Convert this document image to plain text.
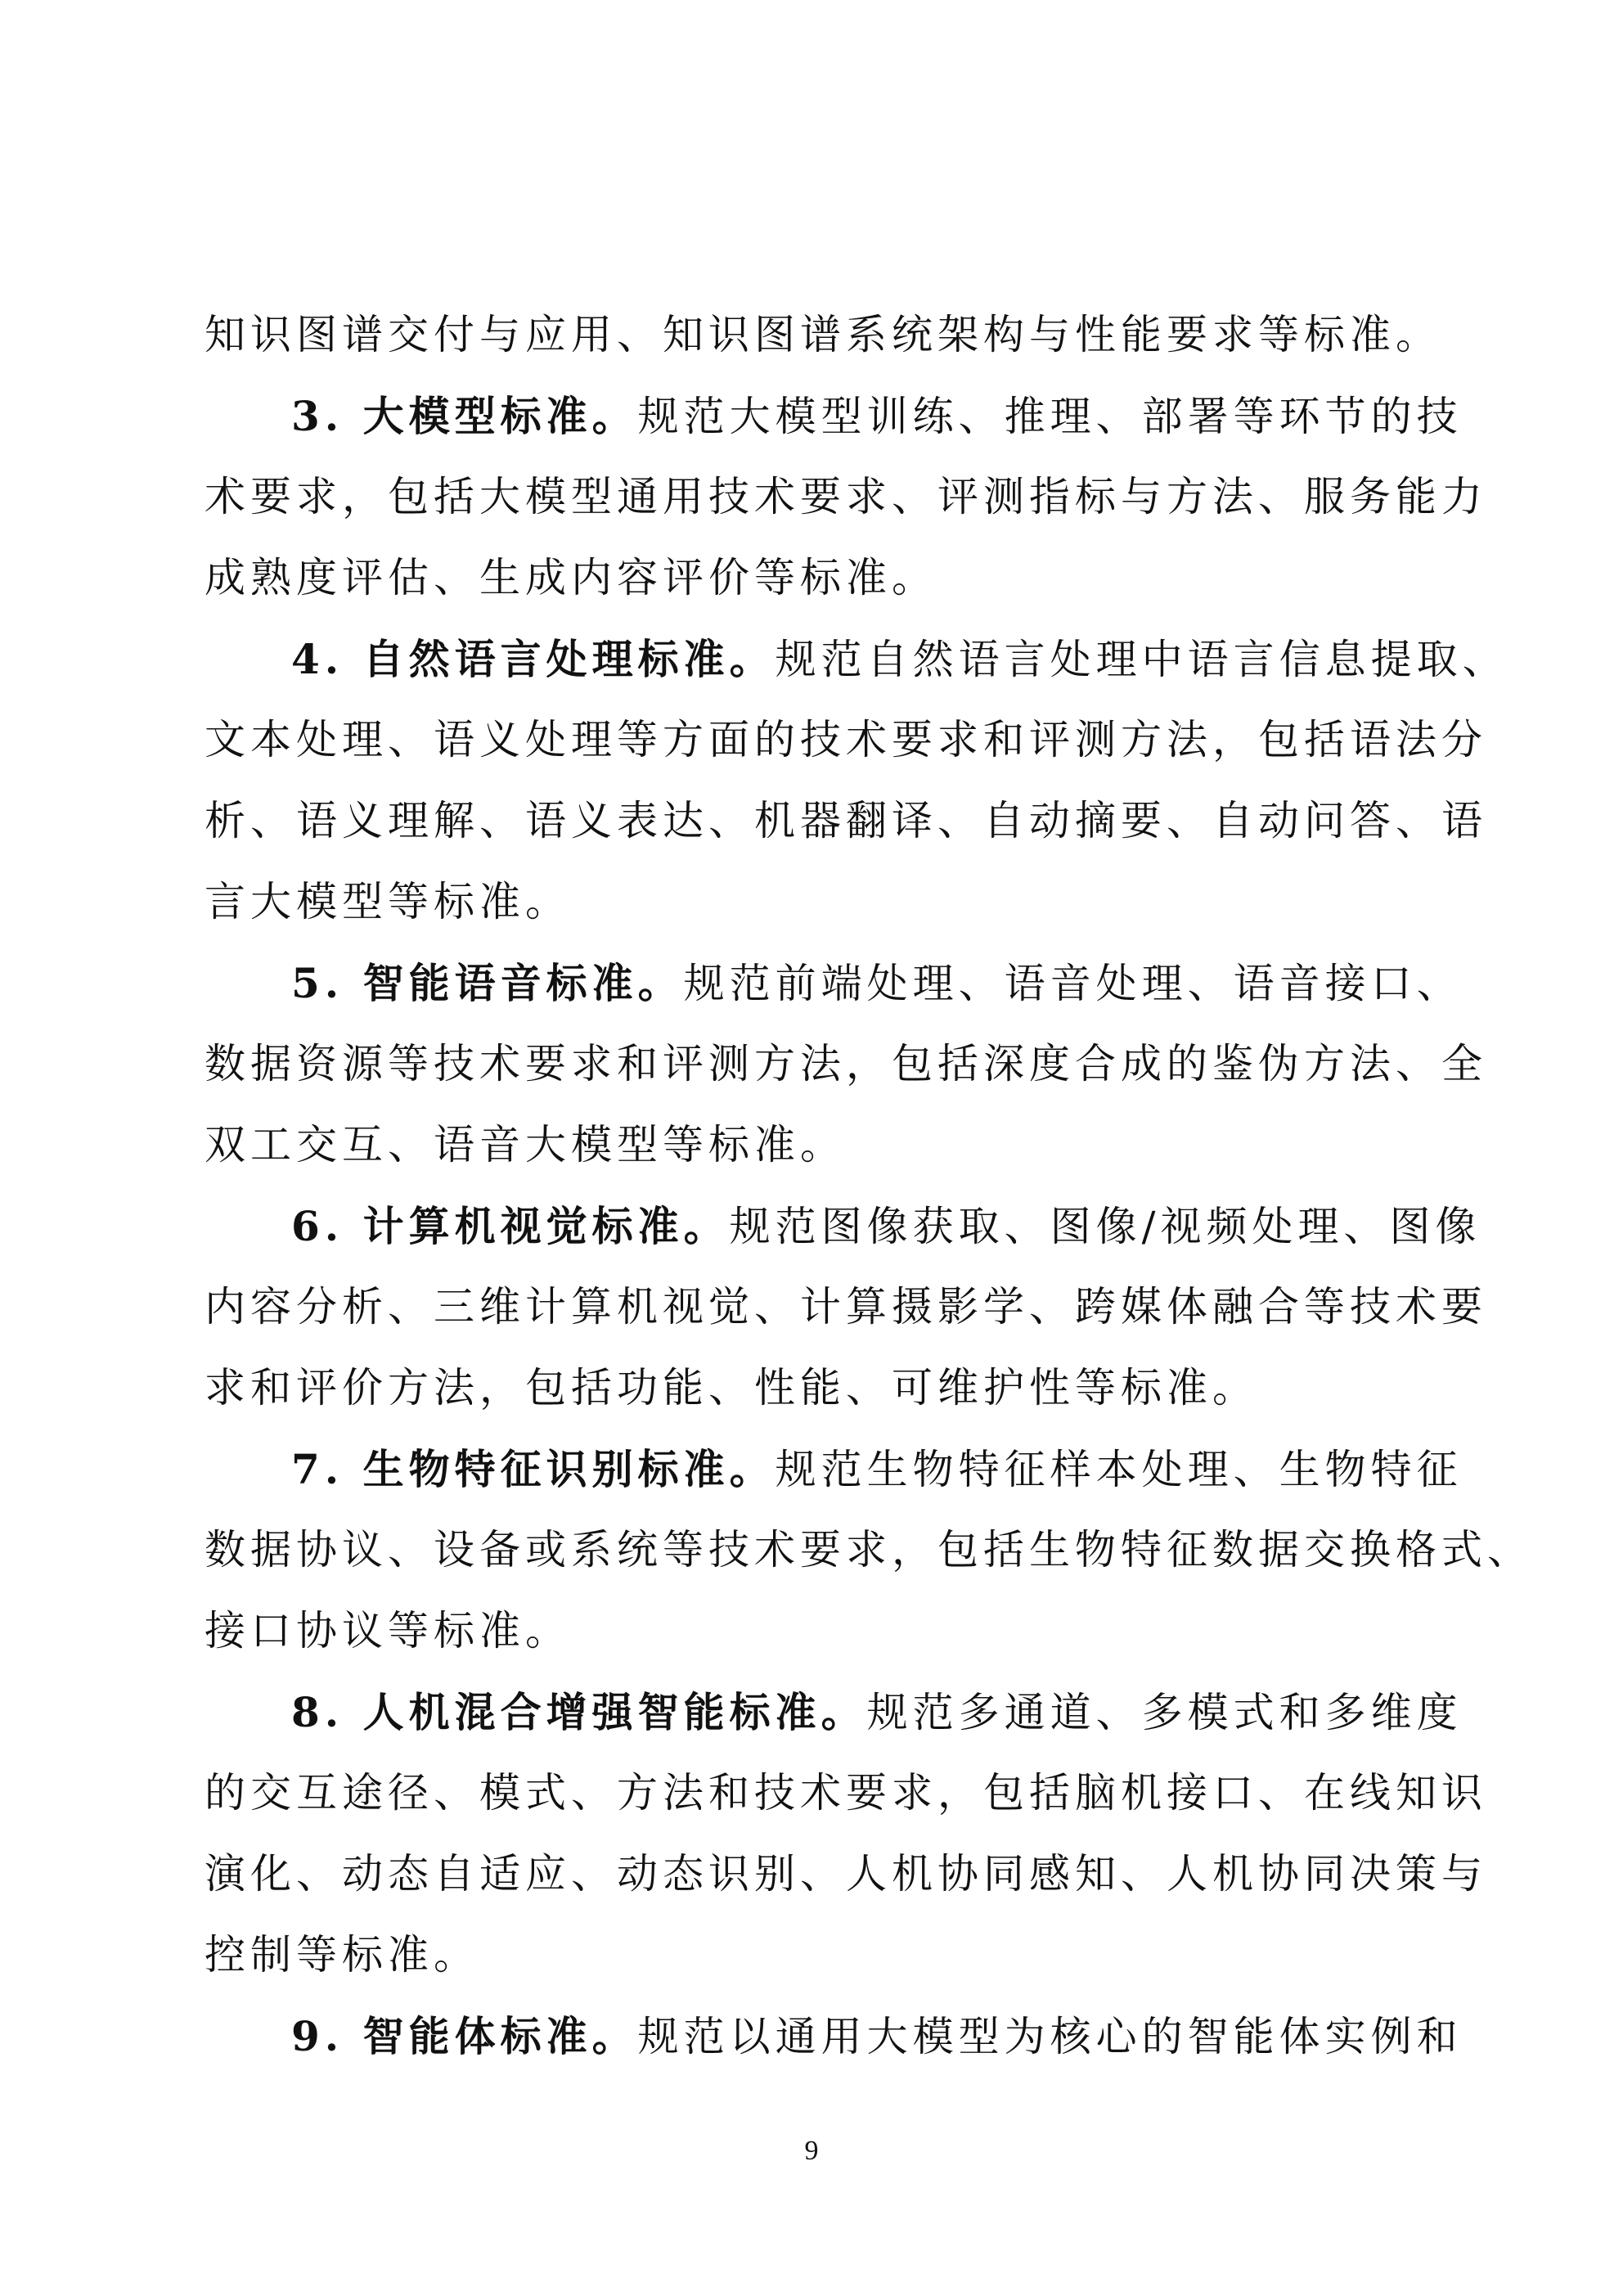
知识图谱交付与应用、知识图谱系统架构与性能要求等标准。
3. 大模型标准。规范大模型训练、推理、部署等环节的技
术要求，包括大模型通用技术要求、评测指标与方法、服务能力
成熟度评估、生成内容评价等标准。
4. 自然语言处理标准。规范自然语言处理中语言信息提取、
文本处理、语义处理等方面的技术要求和评测方法，包括语法分
析、语义理解、语义表达、机器翻译、自动摘要、自动问答、语
言大模型等标准。
5. 智能语音标准。规范前端处理、语音处理、语音接口、
数据资源等技术要求和评测方法，包括深度合成的鉴伪方法、全
双工交互、语音大模型等标准。
6. 计算机视觉标准。规范图像获取、图像/视频处理、图像
内容分析、三维计算机视觉、计算摄影学、跨媒体融合等技术要
求和评价方法，包括功能、性能、可维护性等标准。
7. 生物特征识别标准。规范生物特征样本处理、生物特征
数据协议、设备或系统等技术要求，包括生物特征数据交换格式、
接口协议等标准。
8. 人机混合增强智能标准。规范多通道、多模式和多维度
的交互途径、模式、方法和技术要求，包括脑机接口、在线知识
演化、动态自适应、动态识别、人机协同感知、人机协同决策与
控制等标准。
9. 智能体标准。规范以通用大模型为核心的智能体实例和
9
